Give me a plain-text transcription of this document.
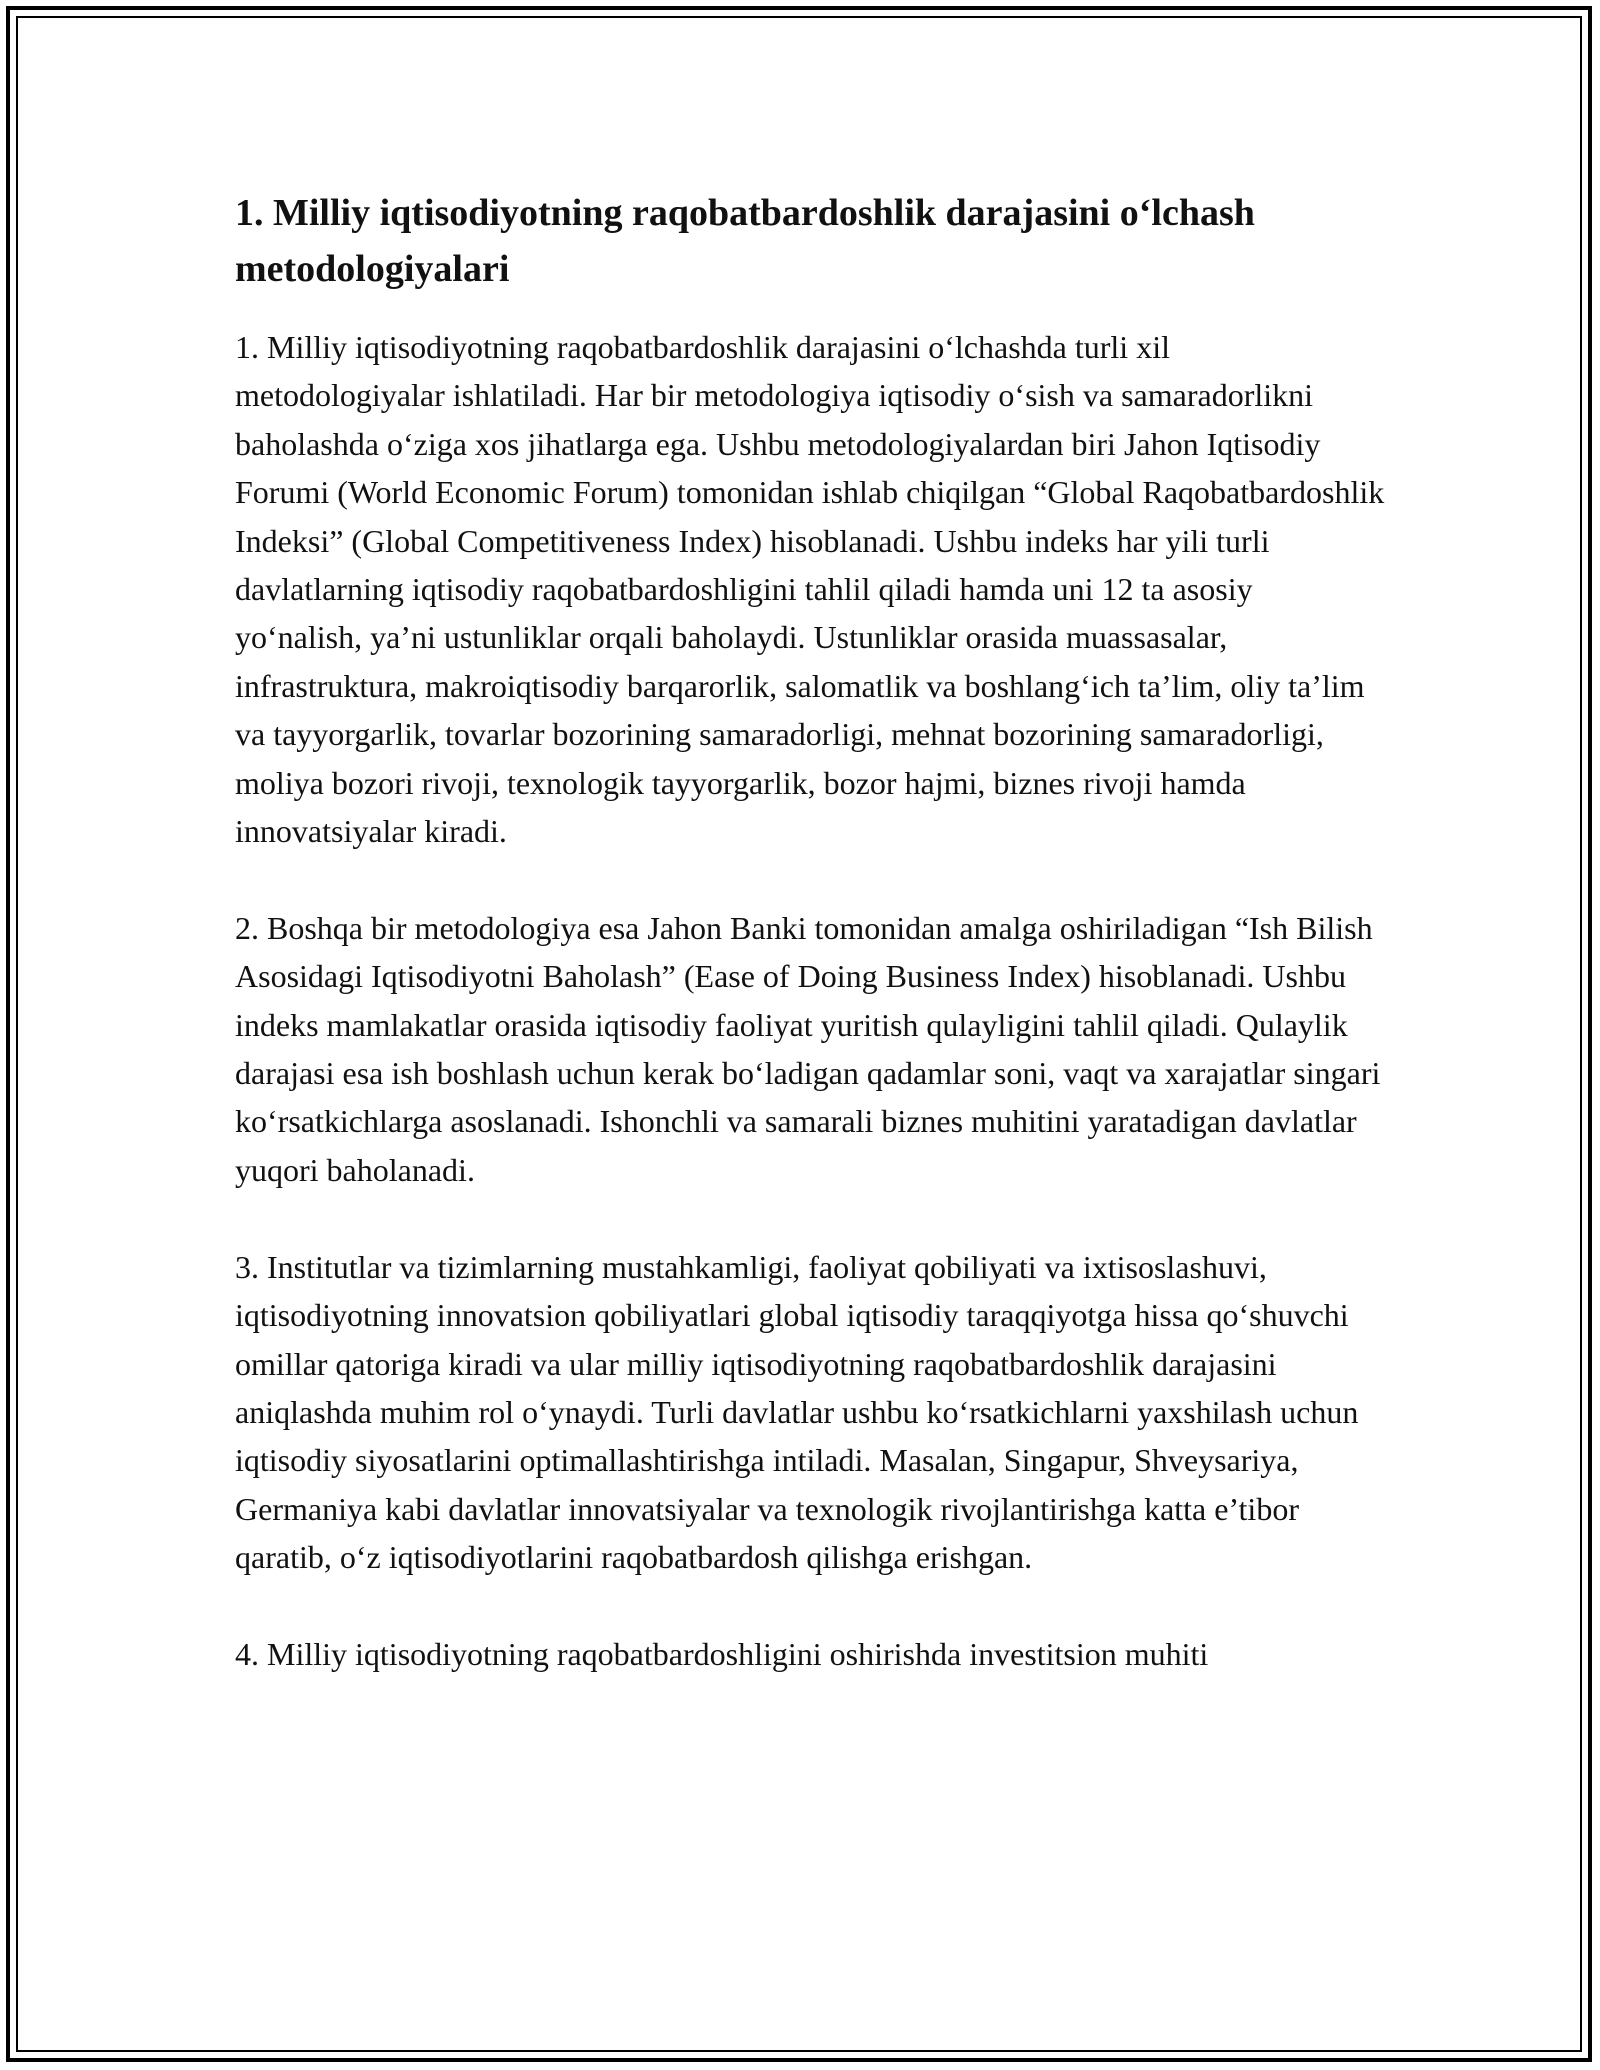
1. Milliy iqtisodiyotning raqobatbardoshlik darajasini o‘lchash metodologiyalari

1. Milliy iqtisodiyotning raqobatbardoshlik darajasini o‘lchashda turli xil metodologiyalar ishlatiladi. Har bir metodologiya iqtisodiy o‘sish va samaradorlikni baholashda o‘ziga xos jihatlarga ega. Ushbu metodologiyalardan biri Jahon Iqtisodiy Forumi (World Economic Forum) tomonidan ishlab chiqilgan “Global Raqobatbardoshlik Indeksi” (Global Competitiveness Index) hisoblanadi. Ushbu indeks har yili turli davlatlarning iqtisodiy raqobatbardoshligini tahlil qiladi hamda uni 12 ta asosiy yo‘nalish, ya’ni ustunliklar orqali baholaydi. Ustunliklar orasida muassasalar, infrastruktura, makroiqtisodiy barqarorlik, salomatlik va boshlang‘ich ta’lim, oliy ta’lim va tayyorgarlik, tovarlar bozorining samaradorligi, mehnat bozorining samaradorligi, moliya bozori rivoji, texnologik tayyorgarlik, bozor hajmi, biznes rivoji hamda innovatsiyalar kiradi.

2. Boshqa bir metodologiya esa Jahon Banki tomonidan amalga oshiriladigan “Ish Bilish Asosidagi Iqtisodiyotni Baholash” (Ease of Doing Business Index) hisoblanadi. Ushbu indeks mamlakatlar orasida iqtisodiy faoliyat yuritish qulayligini tahlil qiladi. Qulaylik darajasi esa ish boshlash uchun kerak bo‘ladigan qadamlar soni, vaqt va xarajatlar singari ko‘rsatkichlarga asoslanadi. Ishonchli va samarali biznes muhitini yaratadigan davlatlar yuqori baholanadi.

3. Institutlar va tizimlarning mustahkamligi, faoliyat qobiliyati va ixtisoslashuvi, iqtisodiyotning innovatsion qobiliyatlari global iqtisodiy taraqqiyotga hissa qo‘shuvchi omillar qatoriga kiradi va ular milliy iqtisodiyotning raqobatbardoshlik darajasini aniqlashda muhim rol o‘ynaydi. Turli davlatlar ushbu ko‘rsatkichlarni yaxshilash uchun iqtisodiy siyosatlarini optimallashtirishga intiladi. Masalan, Singapur, Shveysariya, Germaniya kabi davlatlar innovatsiyalar va texnologik rivojlantirishga katta e’tibor qaratib, o‘z iqtisodiyotlarini raqobatbardosh qilishga erishgan.

4. Milliy iqtisodiyotning raqobatbardoshligini oshirishda investitsion muhiti
